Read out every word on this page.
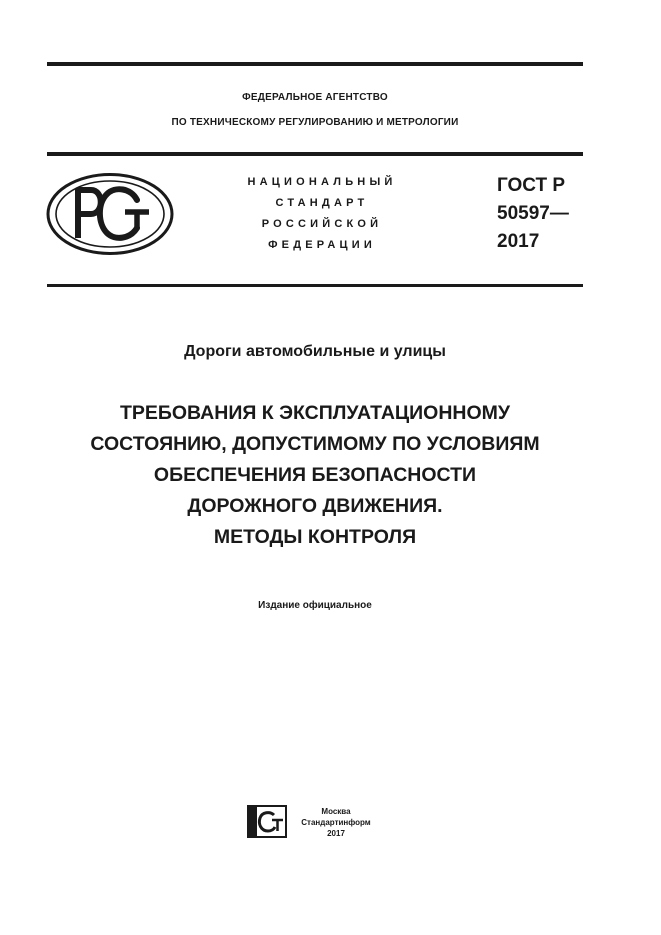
ФЕДЕРАЛЬНОЕ АГЕНТСТВО
ПО ТЕХНИЧЕСКОМУ РЕГУЛИРОВАНИЮ И МЕТРОЛОГИИ
НАЦИОНАЛЬНЫЙ
СТАНДАРТ
РОССИЙСКОЙ
ФЕДЕРАЦИИ
ГОСТ Р
50597—
2017
Дороги автомобильные и улицы
ТРЕБОВАНИЯ К ЭКСПЛУАТАЦИОННОМУ
СОСТОЯНИЮ, ДОПУСТИМОМУ ПО УСЛОВИЯМ
ОБЕСПЕЧЕНИЯ БЕЗОПАСНОСТИ
ДОРОЖНОГО ДВИЖЕНИЯ.
МЕТОДЫ КОНТРОЛЯ
Издание официальное
Москва
Стандартинформ
2017
